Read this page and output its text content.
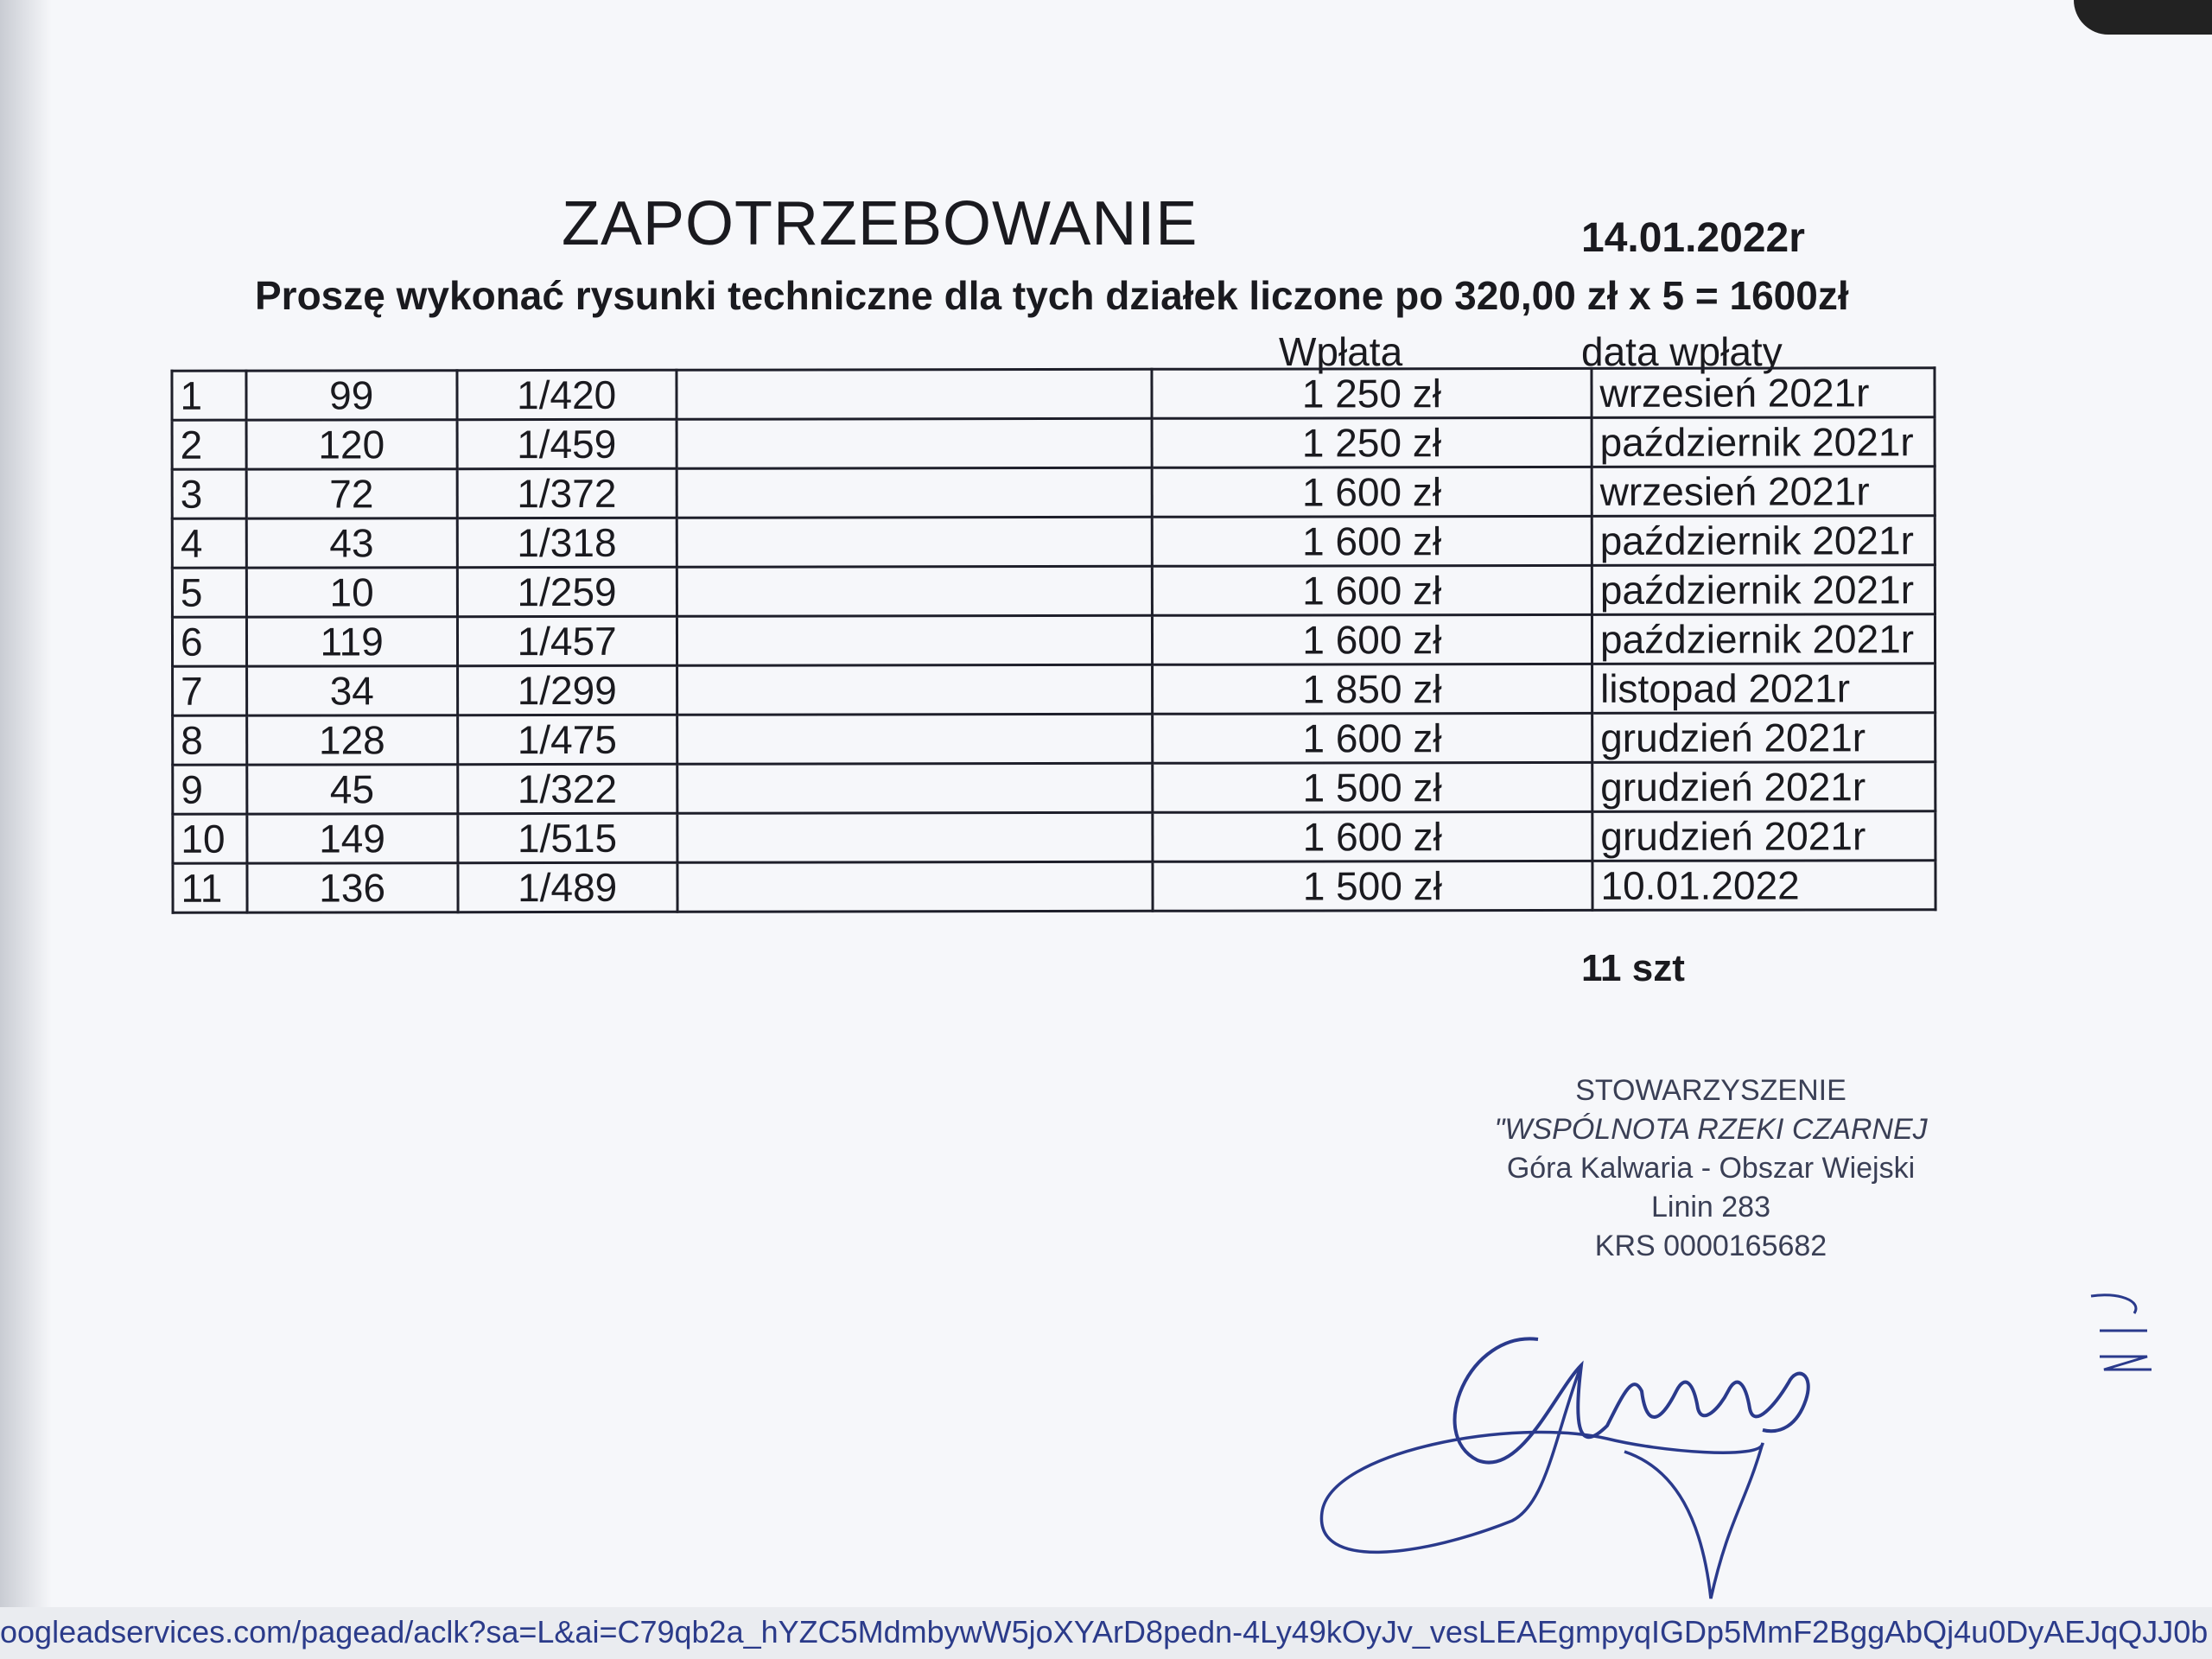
ZAPOTRZEBOWANIE	14.01.2022r
Proszę wykonać rysunki techniczne dla tych działek liczone po 320,00 zł x 5 = 1600zł
Wpłata	data wpłaty
1	99	1/420		1 250 zł	wrzesień 2021r
2	120	1/459		1 250 zł	październik 2021r
3	72	1/372		1 600 zł	wrzesień 2021r
4	43	1/318		1 600 zł	październik 2021r
5	10	1/259		1 600 zł	październik 2021r
6	119	1/457		1 600 zł	październik 2021r
7	34	1/299		1 850 zł	listopad 2021r
8	128	1/475		1 600 zł	grudzień 2021r
9	45	1/322		1 500 zł	grudzień 2021r
10	149	1/515		1 600 zł	grudzień 2021r
11	136	1/489		1 500 zł	10.01.2022
11 szt
STOWARZYSZENIE
"WSPÓLNOTA RZEKI CZARNEJ
Góra Kalwaria - Obszar Wiejski
Linin 283
KRS 0000165682
oogleadservices.com/pagead/aclk?sa=L&ai=C79qb2a_hYZC5MdmbywW5joXYArD8pedn-4Ly49kOyJv_vesLEAEgmpyqIGDp5MmF2BggAbQj4u0DyAEJqQJJ0b
